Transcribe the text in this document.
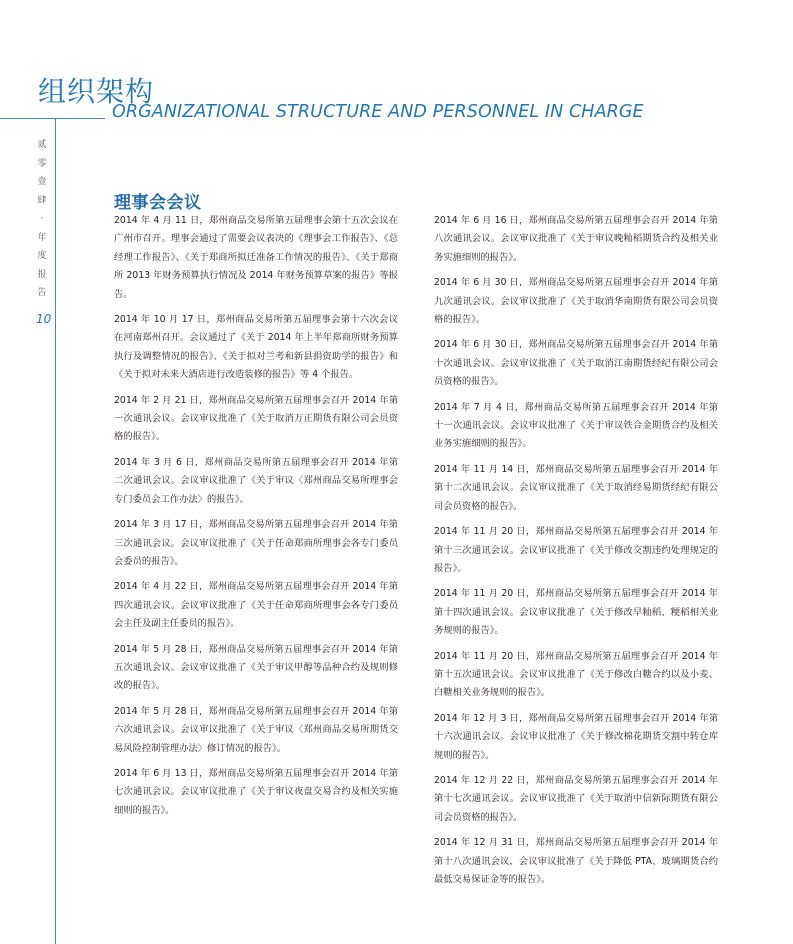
组织架构
ORGANIZATIONAL STRUCTURE AND PERSONNEL IN CHARGE
贰
零
壹
肆
·
年
度
报
告
10
理事会会议

2014 年 4 月 11 日，郑州商品交易所第五届理事会第十五次会议在广州市召开。理事会通过了需要会议表决的《理事会工作报告》、《总经理工作报告》、《关于郑商所拟迁准备工作情况的报告》、《关于郑商所 2013 年财务预算执行情况及 2014 年财务预算草案的报告》等报告。

2014 年 10 月 17 日，郑州商品交易所第五届理事会第十六次会议在河南郑州召开。会议通过了《关于 2014 年上半年郑商所财务预算执行及调整情况的报告》、《关于拟对兰考和新县捐资助学的报告》和《关于拟对未来大酒店进行改造装修的报告》等 4 个报告。

2014 年 2 月 21 日，郑州商品交易所第五届理事会召开 2014 年第一次通讯会议。会议审议批准了《关于取消万正期货有限公司会员资格的报告》。

2014 年 3 月 6 日，郑州商品交易所第五届理事会召开 2014 年第二次通讯会议。会议审议批准了《关于审议〈郑州商品交易所理事会专门委员会工作办法〉的报告》。

2014 年 3 月 17 日，郑州商品交易所第五届理事会召开 2014 年第三次通讯会议。会议审议批准了《关于任命郑商所理事会各专门委员会委员的报告》。

2014 年 4 月 22 日，郑州商品交易所第五届理事会召开 2014 年第四次通讯会议。会议审议批准了《关于任命郑商所理事会各专门委员会主任及副主任委员的报告》。

2014 年 5 月 28 日，郑州商品交易所第五届理事会召开 2014 年第五次通讯会议。会议审议批准了《关于审议甲醇等品种合约及规则修改的报告》。

2014 年 5 月 28 日，郑州商品交易所第五届理事会召开 2014 年第六次通讯会议。会议审议批准了《关于审议〈郑州商品交易所期货交易风险控制管理办法〉修订情况的报告》。

2014 年 6 月 13 日，郑州商品交易所第五届理事会召开 2014 年第七次通讯会议。会议审议批准了《关于审议夜盘交易合约及相关实施细则的报告》。

2014 年 6 月 16 日，郑州商品交易所第五届理事会召开 2014 年第八次通讯会议。会议审议批准了《关于审议晚籼稻期货合约及相关业务实施细则的报告》。

2014 年 6 月 30 日，郑州商品交易所第五届理事会召开 2014 年第九次通讯会议。会议审议批准了《关于取消华南期货有限公司会员资格的报告》。

2014 年 6 月 30 日，郑州商品交易所第五届理事会召开 2014 年第十次通讯会议。会议审议批准了《关于取消江南期货经纪有限公司会员资格的报告》。

2014 年 7 月 4 日，郑州商品交易所第五届理事会召开 2014 年第十一次通讯会议。会议审议批准了《关于审议铁合金期货合约及相关业务实施细则的报告》。

2014 年 11 月 14 日，郑州商品交易所第五届理事会召开 2014 年第十二次通讯会议。会议审议批准了《关于取消经易期货经纪有限公司会员资格的报告》。

2014 年 11 月 20 日，郑州商品交易所第五届理事会召开 2014 年第十三次通讯会议。会议审议批准了《关于修改交割违约处理规定的报告》。

2014 年 11 月 20 日，郑州商品交易所第五届理事会召开 2014 年第十四次通讯会议。会议审议批准了《关于修改早籼稻、粳稻相关业务规则的报告》。

2014 年 11 月 20 日，郑州商品交易所第五届理事会召开 2014 年第十五次通讯会议。会议审议批准了《关于修改白糖合约以及小麦、白糖相关业务规则的报告》。

2014 年 12 月 3 日，郑州商品交易所第五届理事会召开 2014 年第十六次通讯会议。会议审议批准了《关于修改棉花期货交割中转仓库规则的报告》。

2014 年 12 月 22 日，郑州商品交易所第五届理事会召开 2014 年第十七次通讯会议。会议审议批准了《关于取消中信新际期货有限公司会员资格的报告》。

2014 年 12 月 31 日，郑州商品交易所第五届理事会召开 2014 年第十八次通讯会议，会议审议批准了《关于降低 PTA、玻璃期货合约最低交易保证金等的报告》。
